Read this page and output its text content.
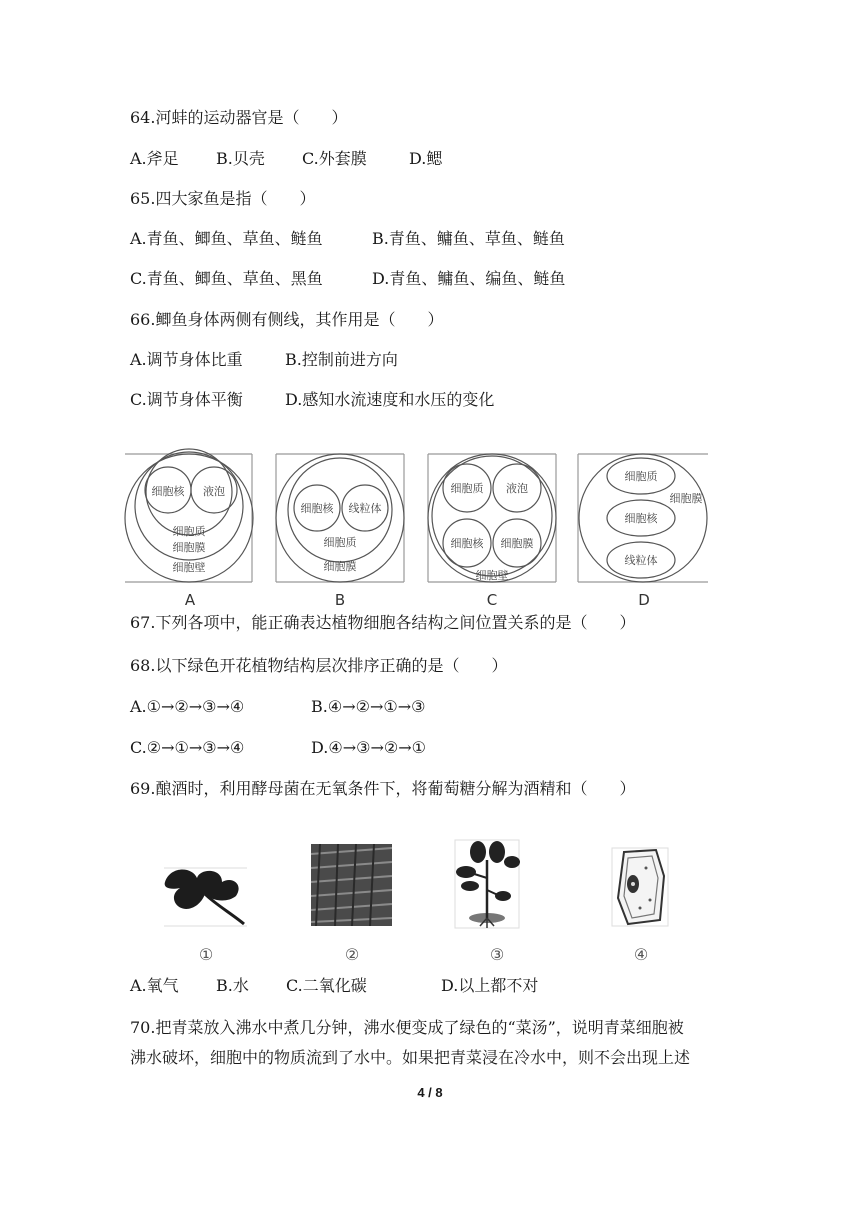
64.河蚌的运动器官是（　　）
A.斧足 B.贝壳 C.外套膜	D.鳃
65.四大家鱼是指（　　）
A.青鱼、鲫鱼、草鱼、鲢鱼	B.青鱼、鳙鱼、草鱼、鲢鱼
C.青鱼、鲫鱼、草鱼、黑鱼	D.青鱼、鳙鱼、编鱼、鲢鱼
66.鲫鱼身体两侧有侧线，其作用是（　　）
A.调节身体比重	B.控制前进方向
C.调节身体平衡	D.感知水流速度和水压的变化
细胞核 液泡
细胞质
细胞膜
细胞壁
细胞核 线粒体
细胞质
细胞膜
细胞质 液泡
细胞核 细胞膜
细胞壁
细胞质
细胞膜
细胞核
线粒体
A	B	C	D
67.下列各项中，能正确表达植物细胞各结构之间位置关系的是（　　）
68.以下绿色开花植物结构层次排序正确的是（　　）
A.①→②→③→④	B.④→②→①→③
C.②→①→③→④	D.④→③→②→①
69.酿酒时，利用酵母菌在无氧条件下，将葡萄糖分解为酒精和（　　）
①	②	③	④
A.氧气 B.水 C.二氧化碳	D.以上都不对
70.把青菜放入沸水中煮几分钟，沸水便变成了绿色的“菜汤”，说明青菜细胞被
沸水破坏，细胞中的物质流到了水中。如果把青菜浸在冷水中，则不会出现上述
4 / 8
